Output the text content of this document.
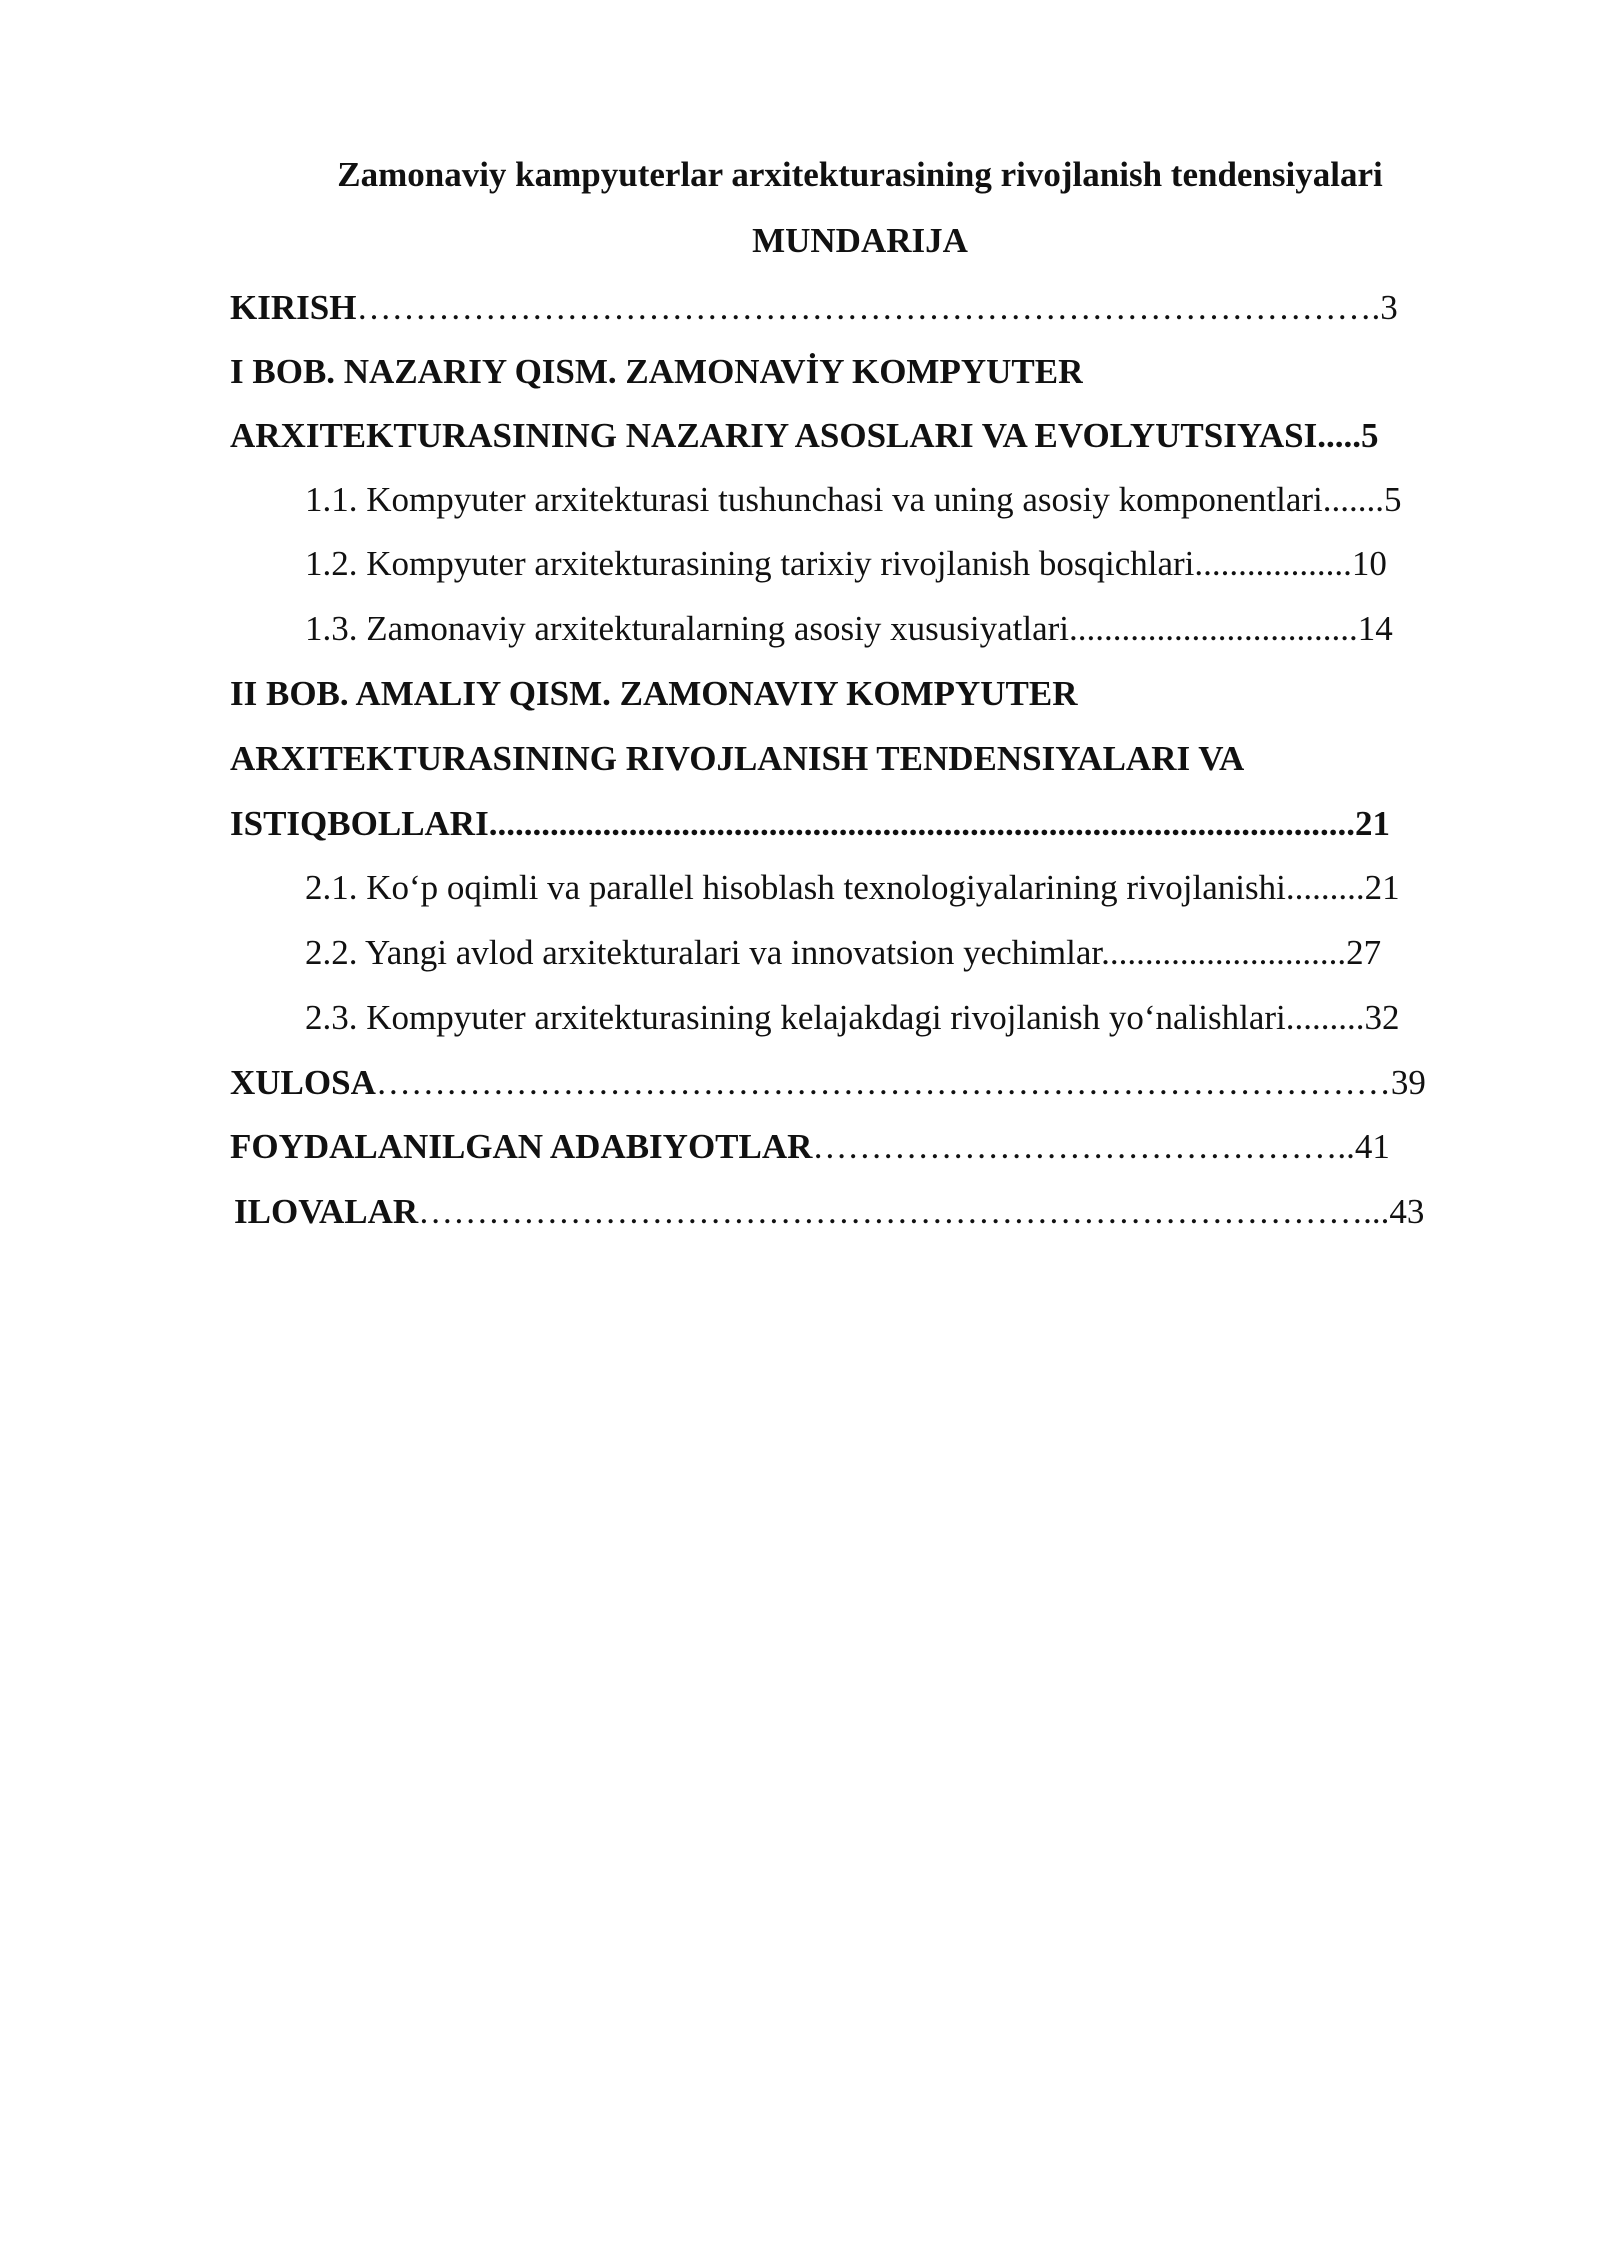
Zamonaviy kampyuterlar arxitekturasining rivojlanish tendensiyalari
MUNDARIJA
KIRISH…………………………………………………………………………….3
I BOB. NAZARIY QISM. ZAMONAVİY KOMPYUTER
ARXITEKTURASINING NAZARIY ASOSLARI VA EVOLYUTSIYASI.....5
1.1. Kompyuter arxitekturasi tushunchasi va uning asosiy komponentlari.......5
1.2. Kompyuter arxitekturasining tarixiy rivojlanish bosqichlari..................10
1.3. Zamonaviy arxitekturalarning asosiy xususiyatlari.................................14
II BOB. AMALIY QISM. ZAMONAVIY KOMPYUTER
ARXITEKTURASINING RIVOJLANISH TENDENSIYALARI VA
ISTIQBOLLARI...................................................................................................21
2.1. Koʻp oqimli va parallel hisoblash texnologiyalarining rivojlanishi.........21
2.2. Yangi avlod arxitekturalari va innovatsion yechimlar............................27
2.3. Kompyuter arxitekturasining kelajakdagi rivojlanish yoʻnalishlari.........32
XULOSA……………………………………………………………………………39
FOYDALANILGAN ADABIYOTLAR………………………………………..41
ILOVALAR………………………………………………………………………...43
